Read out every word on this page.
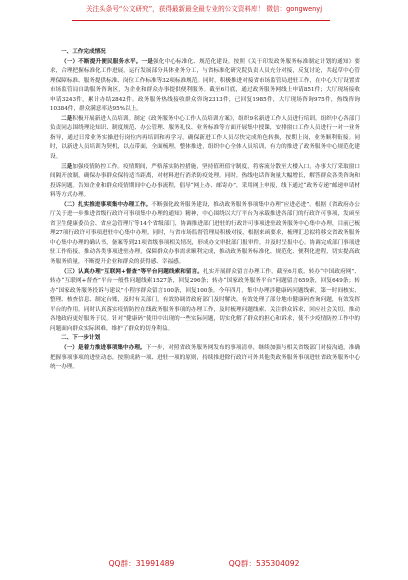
关注头条号“公文研究”，获得最新最全最专业的公文资料库！ 微信：gongwenyj

一、工作完成情况

（一）不断提升便民服务水平。一是强化中心标准化、规范化建设。按照《关于印发政务服务标准制定计划的通知》要求，合理把握标准化工作进展，运行发展部分具体业务分工，与省标准化研究院负责人员充分对接，反复讨论，共起草中心管理保障标准、服务提供标准、岗位工作标准等32项标准规范。同时，积极推进对接省市场监管局进驻工作，在中心大厅设置省市场监管局自助服务咨询区，为企业和群众办事提供便利服务。截至6月底，通过政务服务网线上申请851件；大厅现场接收申请3243件，累计办结2842件。政务服务热线接收群众咨询2313件，已回复1985件，大厅现场咨询975件，热线咨询10384件，群众满意率达95%以上。

二是积极开展新进人员培训。制定《政务服务中心工作人员培训方案》，组织9名新进工作人员进行培训。组织中心各部门负责同志围绕理论知识、制度规范、办公管理、服务礼仪、业务标准等方面开展集中授课，安排窗口工作人员进行一对一业务指导，通过日常业务实操进行岗位内再培训和再学习，确保新进工作人员尽快完成角色转换，按期上岗，业务顺利衔接。同时，以新进人员培训为契机，以点带面，全面梳理，整体推进，组织中心全体人员培训，有力的推进了政务服务中心规范化建设。

三是加强疫情防控工作。疫情期间，严格落实防控措施，坚持值班值守制度，将客流分散至大楼入口，办事大厅采取窗口间隔开放制，确保办事群众保持适当距离，对材料进行消杀防疫处理。同时，热线电话咨询量大幅增长，解答群众各类咨询和投诉问题。告知企业和群众疫情期间中心办事流程，倡导“网上办、邮寄办”，采用网上申报，线下通过“政务专递”邮递申请材料等方式办理。

（二）扎实推进事项集中办理工作。不断强化政务服务建设，推动政务服务事项集中办理“应进必进”。根据《省政府办公厅关于进一步推进省级行政许可事项集中办理的通知》精神，中心围绕以大厅平台为承载推进各部门的行政许可事项，发函至省卫生健康委员会、省应急管理厅等14个省级部门，协调推进部门进驻的行政许可事项进驻政务服务中心集中办理，目前已梳理27项行政许可事项进驻中心集中办理。同时，与省市场监督管理局积极对接，根据来函要求，梳理汇总拟将移交省政务服务中心集中办理的确认书，备案等到21项省级事项相关情况，形成办文审批部门报审件，并及时呈报中心。协调完成部门事项进驻工作衔接，推动各类事项进驻办理，保障群众办事需求顺利完成，推动政务服务标准化、规范化、便利化进程，切实提高政务服务质量，不断提升企业和群众的获得感、幸福感。

（三）认真办理“互联网+督查”等平台问题线索和留言。扎实开展群众留言办理工作，截至6月底，转办“中国政府网”、转办“互联网+督查”平台一般性问题线索1527条，回复296条；转办“国家政务服务平台”问题留言659条，回复649条；转办“国家政务服务投诉与建议”小程序群众留言100条，回复100条。今年四月，集中办理涉健康码问题线索，第一时间核实、整理、核查信息、制定台账，及时有关部门，有效协调省政府部门及时解决，有效处理了部分地市健康码查询问题，有效发挥平台的作用。同时认真落实疫情防控在线政务服务事项的办理工作，及时梳理问题线索、关注群众诉求，回应社会关切，推动各地政府更好服务于民。针对“健康码”使用中出现的一些实际问题，切实化解了群众的担心和诉求，使不少疫情防控工作中的问题面向群众实际困难，维护了群众的切身利益。

二、下一步计划

（一）是着力推进事项集中办理。下一步，对照省政务服务网发布的事项清单，继续加强与相关省级部门对接沟通，准确把握事项事项的进驻动态，按照成熟一项、进驻一项的原则，持续推进除行政许可外其他类政务服务事项进驻省政务服务中心统一办理。

QQ群：31991489	QQ群：535304092
